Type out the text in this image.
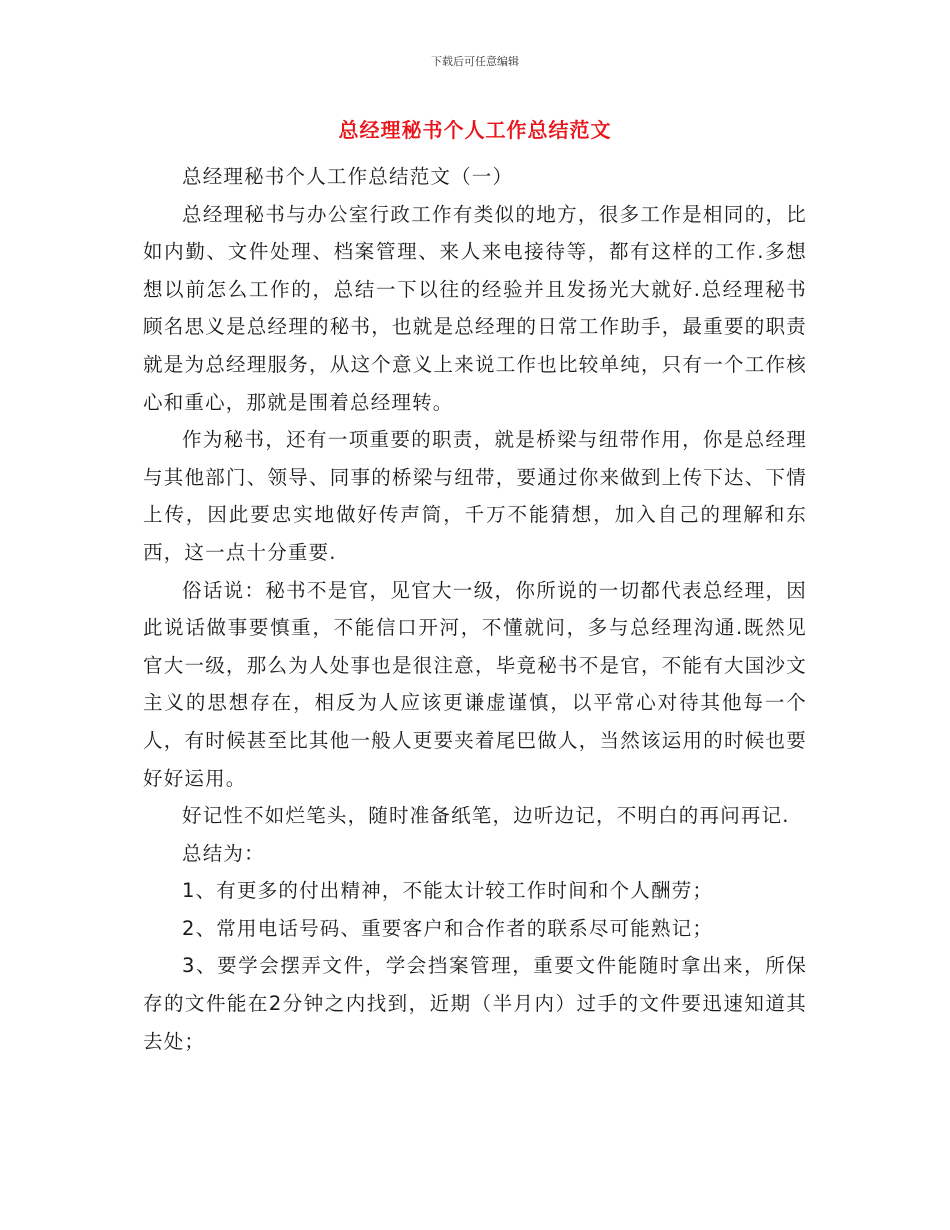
下载后可任意编辑
总经理秘书个人工作总结范文

总经理秘书个人工作总结范文（一）

总经理秘书与办公室行政工作有类似的地方，很多工作是相同的，比如内勤、文件处理、档案管理、来人来电接待等，都有这样的工作.多想想以前怎么工作的，总结一下以往的经验并且发扬光大就好.总经理秘书顾名思义是总经理的秘书，也就是总经理的日常工作助手，最重要的职责就是为总经理服务，从这个意义上来说工作也比较单纯，只有一个工作核心和重心，那就是围着总经理转。

作为秘书，还有一项重要的职责，就是桥梁与纽带作用，你是总经理与其他部门、领导、同事的桥梁与纽带，要通过你来做到上传下达、下情上传，因此要忠实地做好传声筒，千万不能猜想，加入自己的理解和东西，这一点十分重要.

俗话说：秘书不是官，见官大一级，你所说的一切都代表总经理，因此说话做事要慎重，不能信口开河，不懂就问，多与总经理沟通.既然见官大一级，那么为人处事也是很注意，毕竟秘书不是官，不能有大国沙文主义的思想存在，相反为人应该更谦虚谨慎，以平常心对待其他每一个人，有时候甚至比其他一般人更要夹着尾巴做人，当然该运用的时候也要好好运用。

好记性不如烂笔头，随时准备纸笔，边听边记，不明白的再问再记.

总结为：

1、有更多的付出精神，不能太计较工作时间和个人酬劳；

2、常用电话号码、重要客户和合作者的联系尽可能熟记；

3、要学会摆弄文件，学会挡案管理，重要文件能随时拿出来，所保存的文件能在2分钟之内找到，近期（半月内）过手的文件要迅速知道其去处；
